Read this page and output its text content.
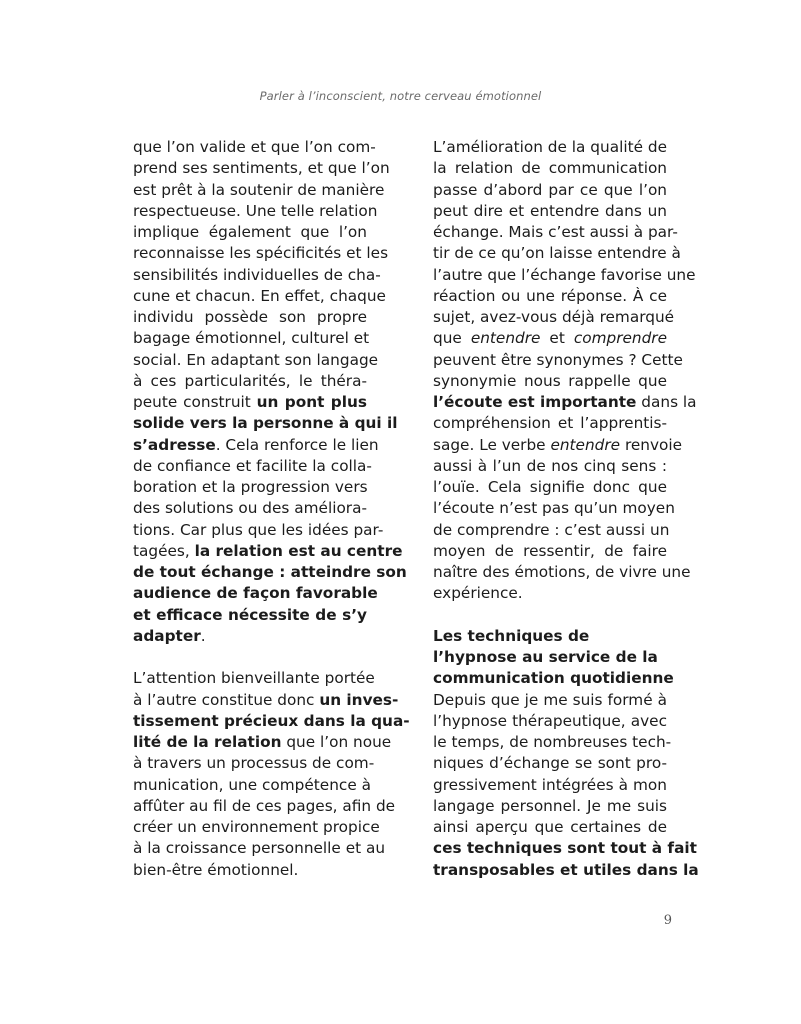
Parler à l’inconscient, notre cerveau émotionnel
que l’on valide et que l’on com-
prend ses sentiments, et que l’on
est prêt à la soutenir de manière
respectueuse. Une telle relation
implique également que l’on
reconnaisse les spécificités et les
sensibilités individuelles de cha-
cune et chacun. En effet, chaque
individu possède son propre
bagage émotionnel, culturel et
social. En adaptant son langage
à ces particularités, le théra-
peute construit un pont plus
solide vers la personne à qui il
s’adresse. Cela renforce le lien
de confiance et facilite la colla-
boration et la progression vers
des solutions ou des améliora-
tions. Car plus que les idées par-
tagées, la relation est au centre
de tout échange : atteindre son
audience de façon favorable
et efficace nécessite de s’y
adapter.
L’attention bienveillante portée
à l’autre constitue donc un inves-
tissement précieux dans la qua-
lité de la relation que l’on noue
à travers un processus de com-
munication, une compétence à
affûter au fil de ces pages, afin de
créer un environnement propice
à la croissance personnelle et au
bien-être émotionnel.
L’amélioration de la qualité de
la relation de communication
passe d’abord par ce que l’on
peut dire et entendre dans un
échange. Mais c’est aussi à par-
tir de ce qu’on laisse entendre à
l’autre que l’échange favorise une
réaction ou une réponse. À ce
sujet, avez-vous déjà remarqué
que entendre et comprendre
peuvent être synonymes ? Cette
synonymie nous rappelle que
l’écoute est importante dans la
compréhension et l’apprentis-
sage. Le verbe entendre renvoie
aussi à l’un de nos cinq sens :
l’ouïe. Cela signifie donc que
l’écoute n’est pas qu’un moyen
de comprendre : c’est aussi un
moyen de ressentir, de faire
naître des émotions, de vivre une
expérience.
Les techniques de
l’hypnose au service de la
communication quotidienne
Depuis que je me suis formé à
l’hypnose thérapeutique, avec
le temps, de nombreuses tech-
niques d’échange se sont pro-
gressivement intégrées à mon
langage personnel. Je me suis
ainsi aperçu que certaines de
ces techniques sont tout à fait
transposables et utiles dans la
9
